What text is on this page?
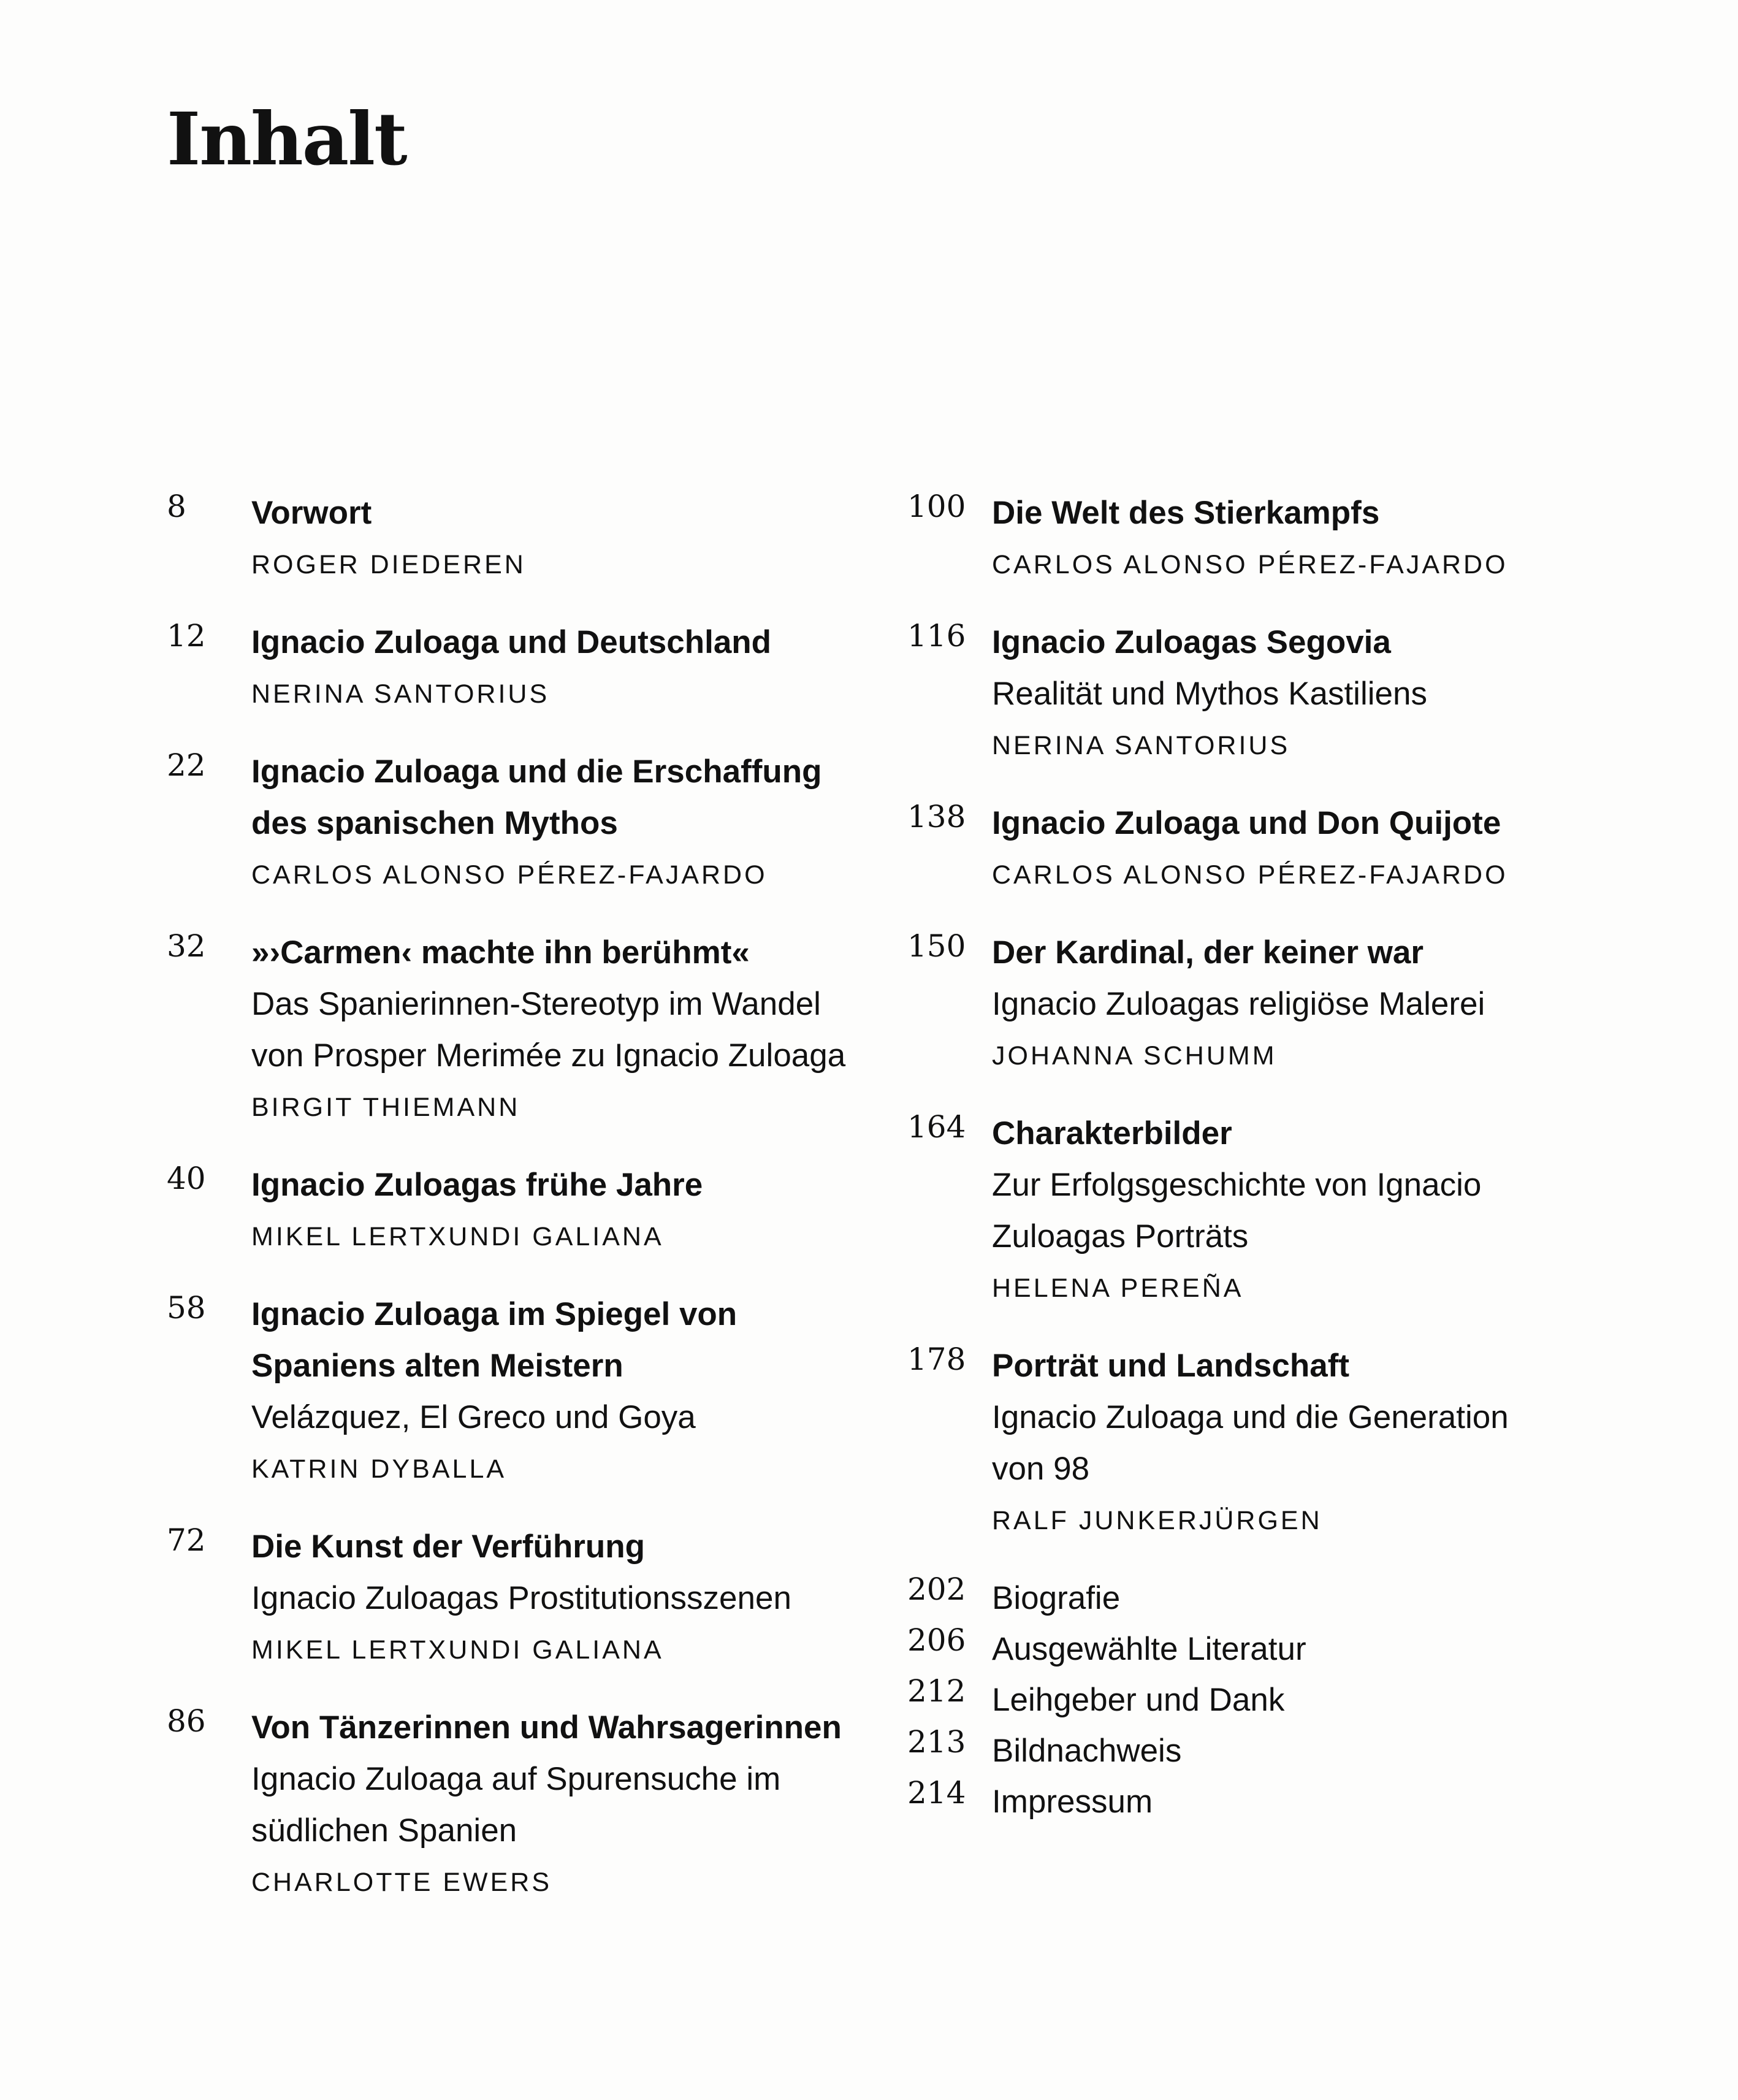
Inhalt
8 Vorwort
ROGER DIEDEREN
12 Ignacio Zuloaga und Deutschland
NERINA SANTORIUS
22 Ignacio Zuloaga und die Erschaffung
des spanischen Mythos
CARLOS ALONSO PÉREZ-FAJARDO
32 »›Carmen‹ machte ihn berühmt«
Das Spanierinnen-Stereotyp im Wandel
von Prosper Merimée zu Ignacio Zuloaga
BIRGIT THIEMANN
40 Ignacio Zuloagas frühe Jahre
MIKEL LERTXUNDI GALIANA
58 Ignacio Zuloaga im Spiegel von
Spaniens alten Meistern
Velázquez, El Greco und Goya
KATRIN DYBALLA
72 Die Kunst der Verführung
Ignacio Zuloagas Prostitutionsszenen
MIKEL LERTXUNDI GALIANA
86 Von Tänzerinnen und Wahrsagerinnen
Ignacio Zuloaga auf Spurensuche im
südlichen Spanien
CHARLOTTE EWERS
100 Die Welt des Stierkampfs
CARLOS ALONSO PÉREZ-FAJARDO
116 Ignacio Zuloagas Segovia
Realität und Mythos Kastiliens
NERINA SANTORIUS
138 Ignacio Zuloaga und Don Quijote
CARLOS ALONSO PÉREZ-FAJARDO
150 Der Kardinal, der keiner war
Ignacio Zuloagas religiöse Malerei
JOHANNA SCHUMM
164 Charakterbilder
Zur Erfolgsgeschichte von Ignacio
Zuloagas Porträts
HELENA PEREÑA
178 Porträt und Landschaft
Ignacio Zuloaga und die Generation
von 98
RALF JUNKERJÜRGEN
202 Biografie
206 Ausgewählte Literatur
212 Leihgeber und Dank
213 Bildnachweis
214 Impressum
